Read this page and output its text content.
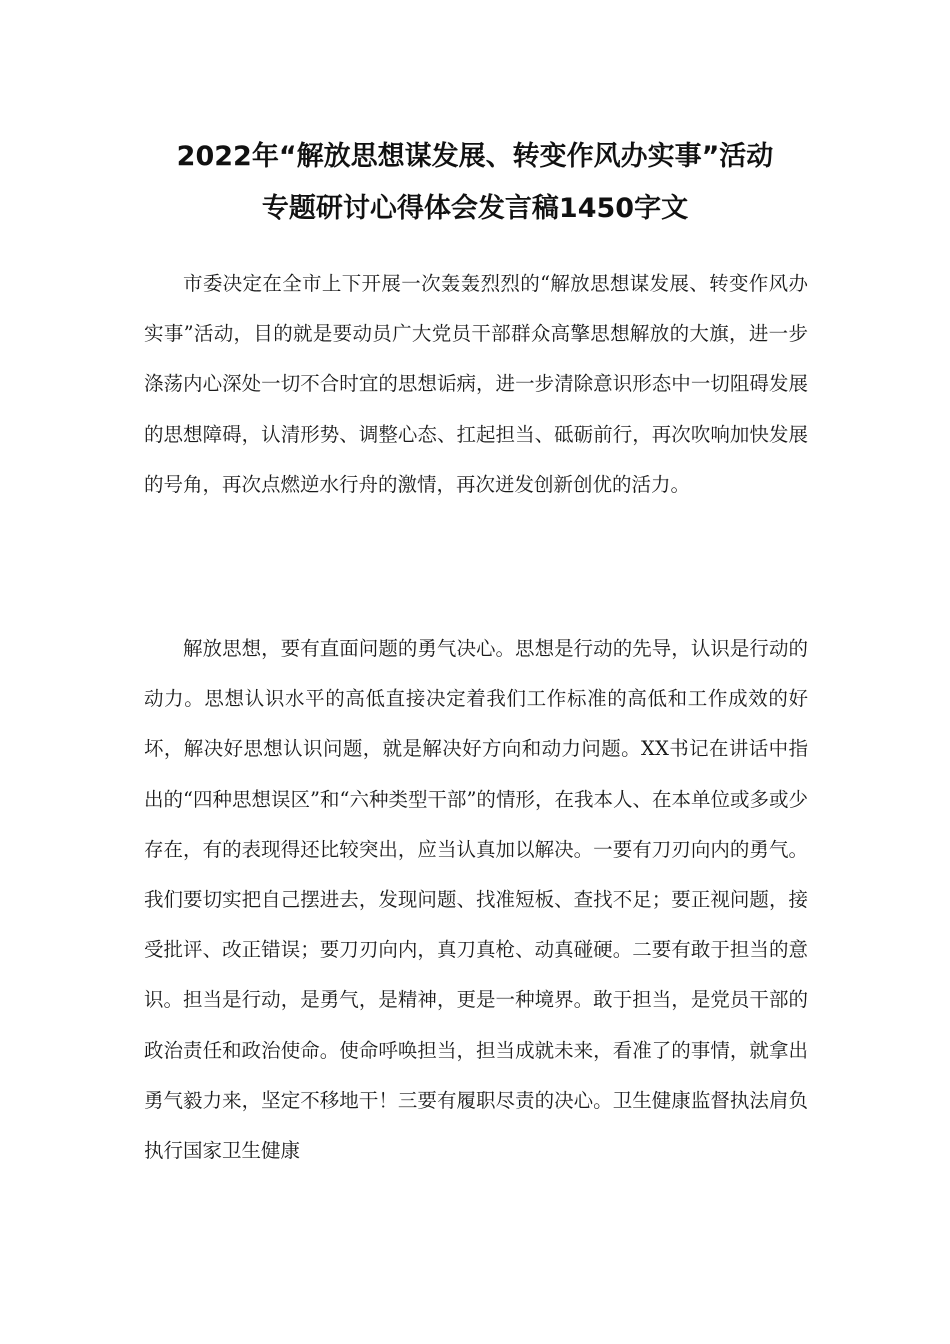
2022年“解放思想谋发展、转变作风办实事”活动
专题研讨心得体会发言稿1450字文

市委决定在全市上下开展一次轰轰烈烈的“解放思想谋发展、转变作风办实事”活动，目的就是要动员广大党员干部群众高擎思想解放的大旗，进一步涤荡内心深处一切不合时宜的思想诟病，进一步清除意识形态中一切阻碍发展的思想障碍，认清形势、调整心态、扛起担当、砥砺前行，再次吹响加快发展的号角，再次点燃逆水行舟的激情，再次迸发创新创优的活力。

解放思想，要有直面问题的勇气决心。思想是行动的先导，认识是行动的动力。思想认识水平的高低直接决定着我们工作标准的高低和工作成效的好坏，解决好思想认识问题，就是解决好方向和动力问题。XX书记在讲话中指出的“四种思想误区”和“六种类型干部”的情形，在我本人、在本单位或多或少存在，有的表现得还比较突出，应当认真加以解决。一要有刀刃向内的勇气。我们要切实把自己摆进去，发现问题、找准短板、查找不足；要正视问题，接受批评、改正错误；要刀刃向内，真刀真枪、动真碰硬。二要有敢于担当的意识。担当是行动，是勇气，是精神，更是一种境界。敢于担当，是党员干部的政治责任和政治使命。使命呼唤担当，担当成就未来，看准了的事情，就拿出勇气毅力来，坚定不移地干！三要有履职尽责的决心。卫生健康监督执法肩负执行国家卫生健康
